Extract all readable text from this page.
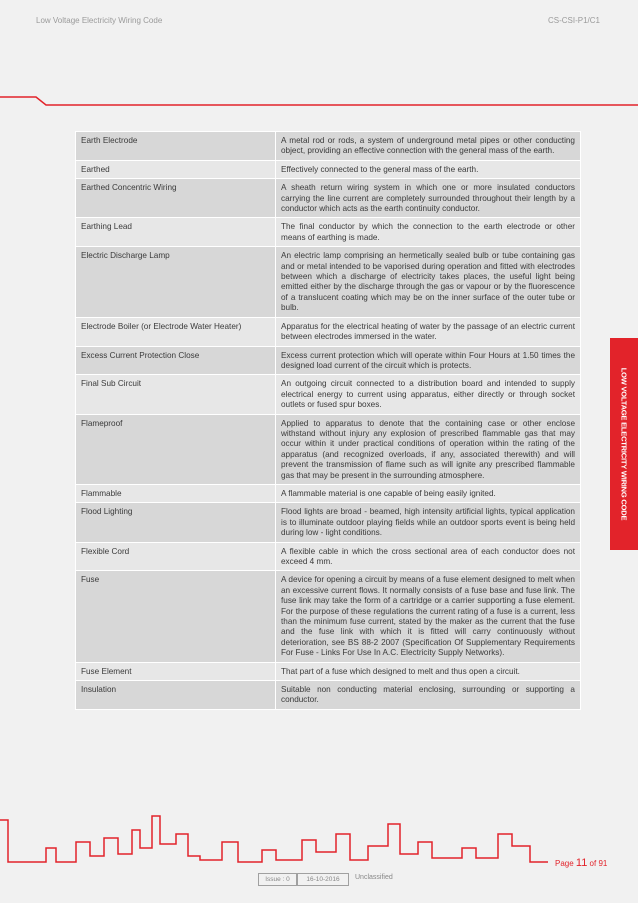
Low Voltage Electricity Wiring Code	CS-CSI-P1/C1
LOW VOLTAGE ELECTRICITY WIRING CODE
Earth Electrode	A metal rod or rods, a system of underground metal pipes or other conducting object, providing an effective connection with the general mass of the earth.
Earthed	Effectively connected to the general mass of the earth.
Earthed Concentric Wiring	A sheath return wiring system in which one or more insulated conductors carrying the line current are completely surrounded throughout their length by a conductor which acts as the earth continuity conductor.
Earthing Lead	The final conductor by which the connection to the earth electrode or other means of earthing is made.
Electric Discharge Lamp	An electric lamp comprising an hermetically sealed bulb or tube containing gas and or metal intended to be vaporised during operation and fitted with electrodes between which a discharge of electricity takes places, the useful light being emitted either by the discharge through the gas or vapour or by the fluorescence of a translucent coating which may be on the inner surface of the outer tube or bulb.
Electrode Boiler (or Electrode Water Heater)	Apparatus for the electrical heating of water by the passage of an electric current between electrodes immersed in the water.
Excess Current Protection Close	Excess current protection which will operate within Four Hours at 1.50 times the designed load current of the circuit which is protects.
Final Sub Circuit	An outgoing circuit connected to a distribution board and intended to supply electrical energy to current using apparatus, either directly or through socket outlets or fused spur boxes.
Flameproof	Applied to apparatus to denote that the containing case or other enclose withstand without injury any explosion of prescribed flammable gas that may occur within it under practical conditions of operation within the rating of the apparatus (and recognized overloads, if any, associated therewith) and will prevent the transmission of flame such as will ignite any prescribed flammable gas that may be present in the surrounding atmosphere.
Flammable	A flammable material is one capable of being easily ignited.
Flood Lighting	Flood lights are broad - beamed, high intensity artificial lights, typical application is to illuminate outdoor playing fields while an outdoor sports event is being held during low - light conditions.
Flexible Cord	A flexible cable in which the cross sectional area of each conductor does not exceed 4 mm.
Fuse	A device for opening a circuit by means of a fuse element designed to melt when an excessive current flows. It normally consists of a fuse base and fuse link. The fuse link may take the form of a cartridge or a carrier supporting a fuse element. For the purpose of these regulations the current rating of a fuse is a current, less than the minimum fuse current, stated by the maker as the current that the fuse and the fuse link with which it is fitted will carry continuously without deterioration, see BS 88-2 2007 (Specification Of Supplementary Requirements For Fuse - Links For Use In A.C. Electricity Supply Networks).
Fuse Element	That part of a fuse which designed to melt and thus open a circuit.
Insulation	Suitable non conducting material enclosing, surrounding or supporting a conductor.
Page 11 of 91
Issue : 0	16-10-2016	Unclassified
